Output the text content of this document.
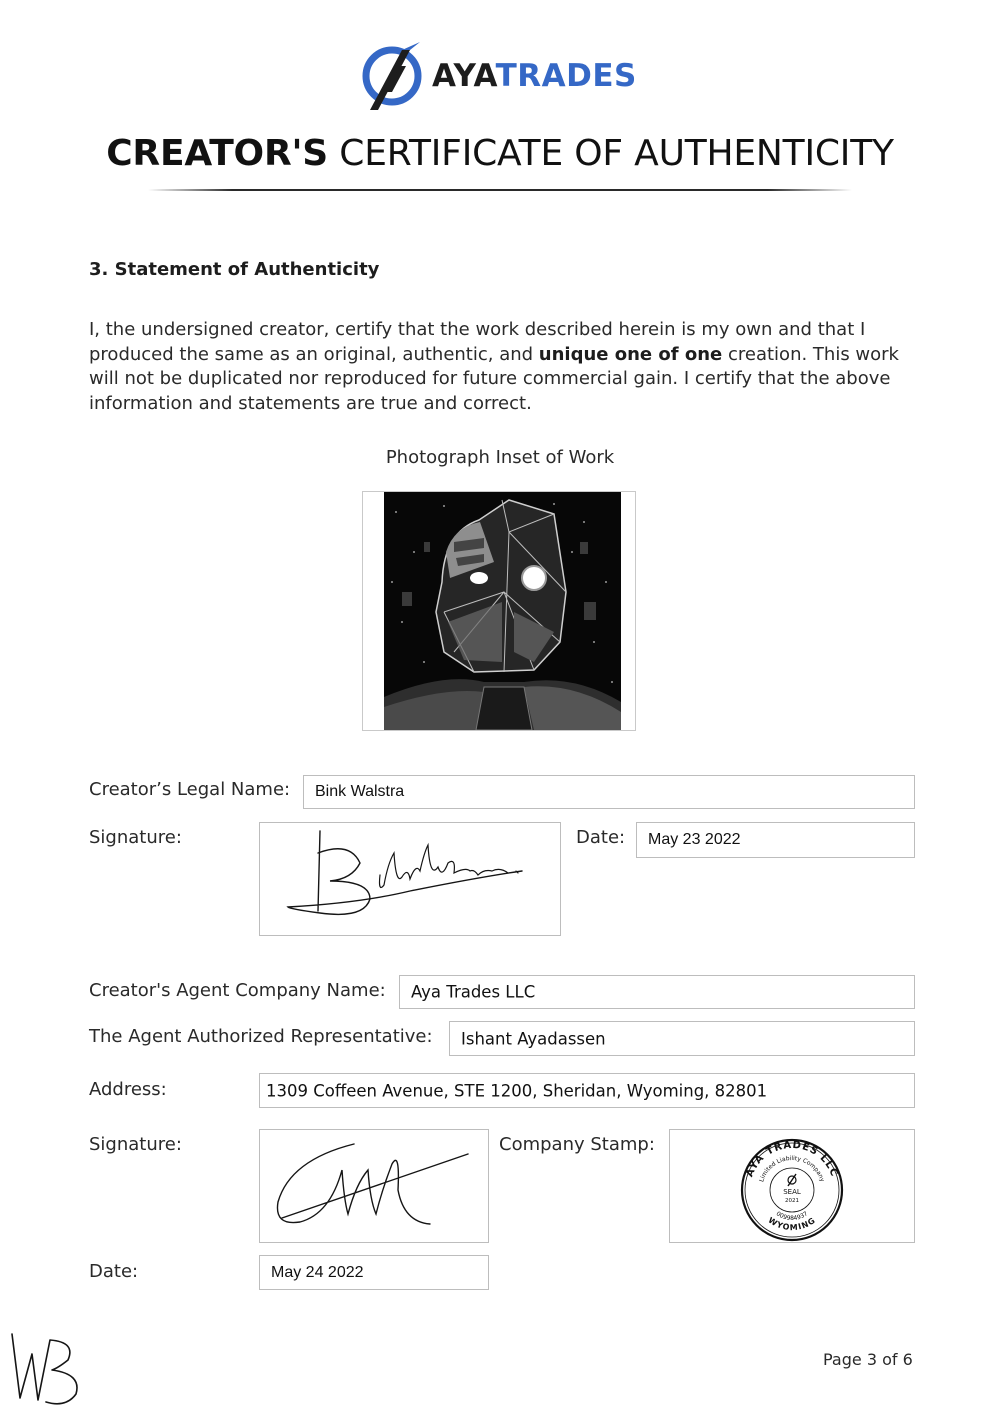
AYATRADES
CREATOR'S CERTIFICATE OF AUTHENTICITY
3. Statement of Authenticity
I, the undersigned creator, certify that the work described herein is my own and that I produced the same as an original, authentic, and unique one of one creation. This work will not be duplicated nor reproduced for future commercial gain. I certify that the above information and statements are true and correct.
Photograph Inset of Work
Creator’s Legal Name: Bink Walstra
Signature:	Date: May 23 2022
Creator's Agent Company Name: Aya Trades LLC
The Agent Authorized Representative: Ishant Ayadassen
Address:	1309 Coffeen Avenue, STE 1200, Sheridan, Wyoming, 82801
Signature:	Company Stamp:
AYA TRADES LLC
Limited Liability Company
WYOMING
009984937
SEAL
2021
Date:	May 24 2022
Page 3 of 6
